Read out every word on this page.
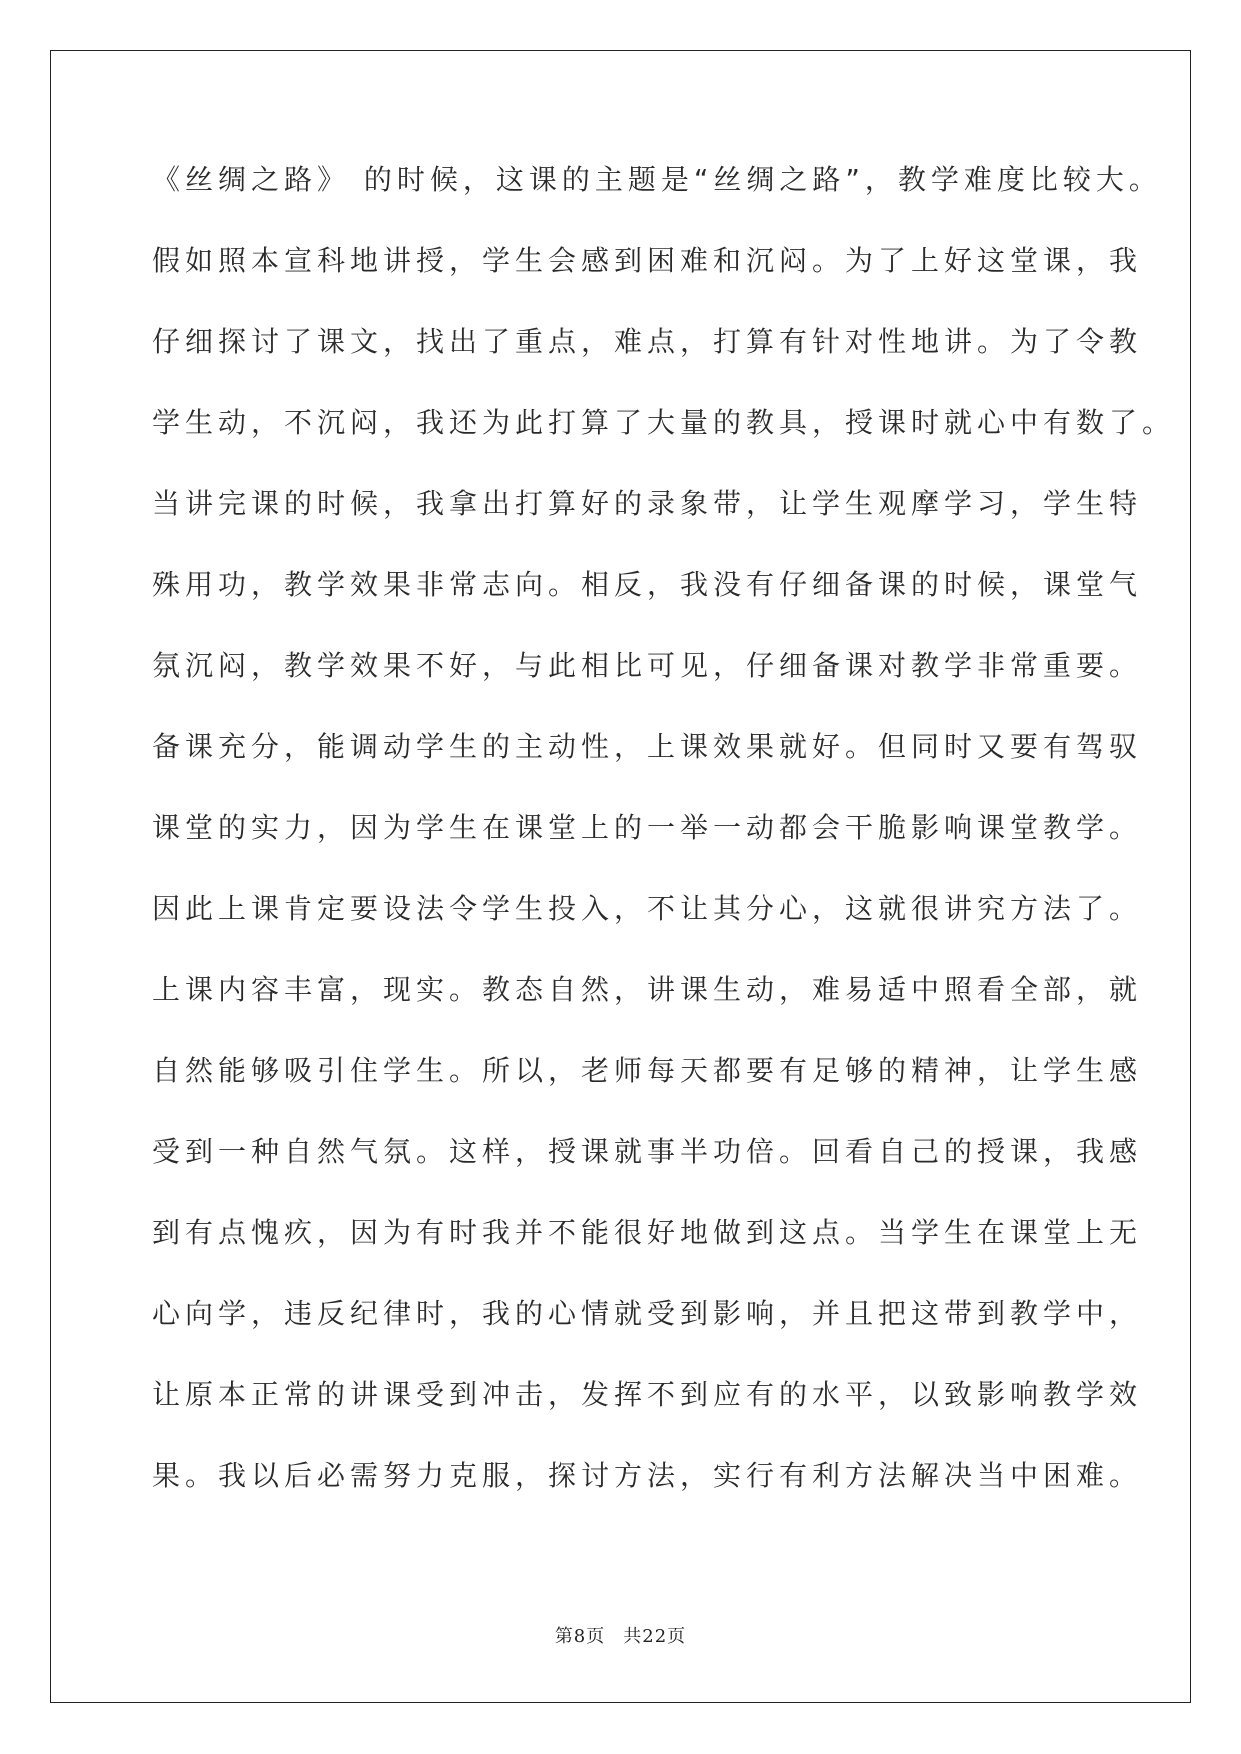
《丝绸之路》 的时候，这课的主题是“丝绸之路”，教学难度比较大。
假如照本宣科地讲授，学生会感到困难和沉闷。为了上好这堂课，我
仔细探讨了课文，找出了重点，难点，打算有针对性地讲。为了令教
学生动，不沉闷，我还为此打算了大量的教具，授课时就心中有数了。
当讲完课的时候，我拿出打算好的录象带，让学生观摩学习，学生特
殊用功，教学效果非常志向。相反，我没有仔细备课的时候，课堂气
氛沉闷，教学效果不好，与此相比可见，仔细备课对教学非常重要。
备课充分，能调动学生的主动性，上课效果就好。但同时又要有驾驭
课堂的实力，因为学生在课堂上的一举一动都会干脆影响课堂教学。
因此上课肯定要设法令学生投入，不让其分心，这就很讲究方法了。
上课内容丰富，现实。教态自然，讲课生动，难易适中照看全部，就
自然能够吸引住学生。所以，老师每天都要有足够的精神，让学生感
受到一种自然气氛。这样，授课就事半功倍。回看自己的授课，我感
到有点愧疚，因为有时我并不能很好地做到这点。当学生在课堂上无
心向学，违反纪律时，我的心情就受到影响，并且把这带到教学中，
让原本正常的讲课受到冲击，发挥不到应有的水平，以致影响教学效
果。我以后必需努力克服，探讨方法，实行有利方法解决当中困难。
第8页 共22页
